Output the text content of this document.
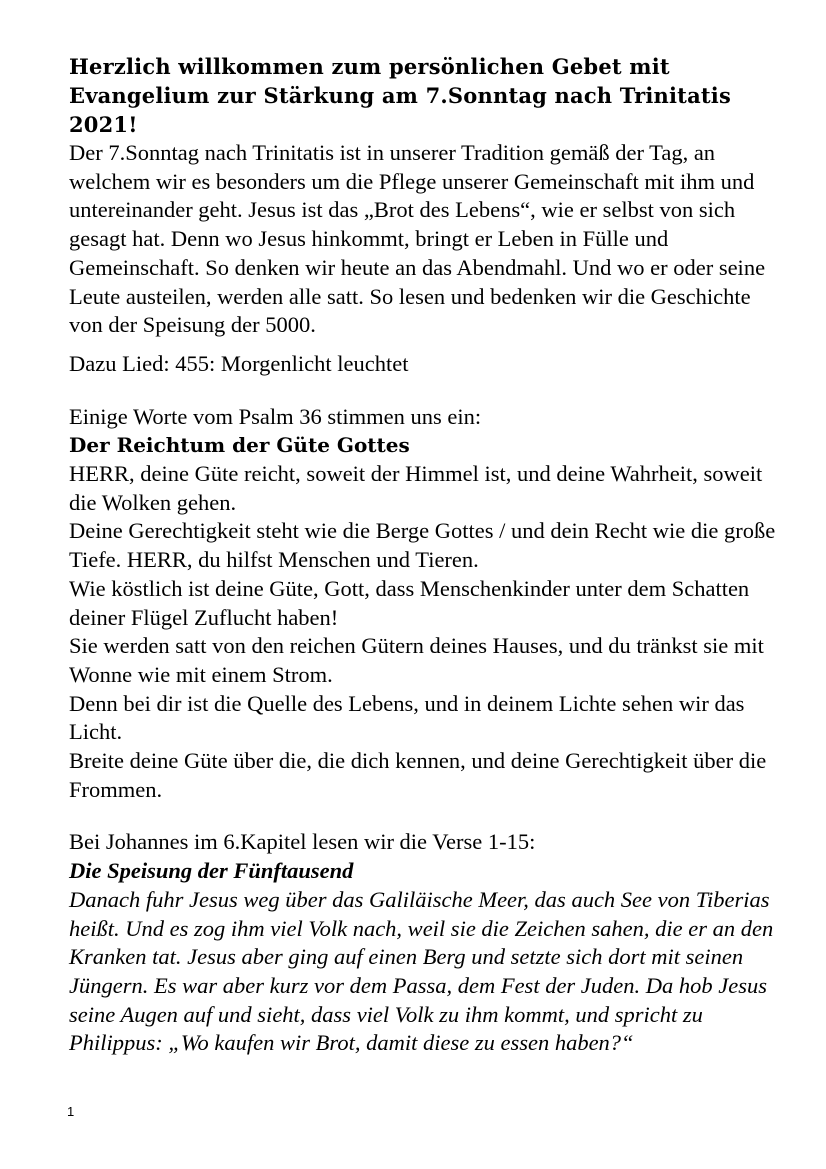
Herzlich willkommen zum persönlichen Gebet mit Evangelium zur Stärkung am 7.Sonntag nach Trinitatis 2021!

Der 7.Sonntag nach Trinitatis ist in unserer Tradition gemäß der Tag, an welchem wir es besonders um die Pflege unserer Gemeinschaft mit ihm und untereinander geht. Jesus ist das „Brot des Lebens“, wie er selbst von sich gesagt hat. Denn wo Jesus hinkommt, bringt er Leben in Fülle und Gemeinschaft. So denken wir heute an das Abendmahl. Und wo er oder seine Leute austeilen, werden alle satt. So lesen und bedenken wir die Geschichte von der Speisung der 5000.

Dazu Lied: 455: Morgenlicht leuchtet

Einige Worte vom Psalm 36 stimmen uns ein:

Der Reichtum der Güte Gottes

HERR, deine Güte reicht, soweit der Himmel ist, und deine Wahrheit, soweit die Wolken gehen.

Deine Gerechtigkeit steht wie die Berge Gottes / und dein Recht wie die große Tiefe. HERR, du hilfst Menschen und Tieren.

Wie köstlich ist deine Güte, Gott, dass Menschenkinder unter dem Schatten deiner Flügel Zuflucht haben!

Sie werden satt von den reichen Gütern deines Hauses, und du tränkst sie mit Wonne wie mit einem Strom.

Denn bei dir ist die Quelle des Lebens, und in deinem Lichte sehen wir das Licht.

Breite deine Güte über die, die dich kennen, und deine Gerechtigkeit über die Frommen.

Bei Johannes im 6.Kapitel lesen wir die Verse 1-15:

Die Speisung der Fünftausend

Danach fuhr Jesus weg über das Galiläische Meer, das auch See von Tiberias heißt. Und es zog ihm viel Volk nach, weil sie die Zeichen sahen, die er an den Kranken tat. Jesus aber ging auf einen Berg und setzte sich dort mit seinen Jüngern. Es war aber kurz vor dem Passa, dem Fest der Juden. Da hob Jesus seine Augen auf und sieht, dass viel Volk zu ihm kommt, und spricht zu Philippus: „Wo kaufen wir Brot, damit diese zu essen haben?“

1
